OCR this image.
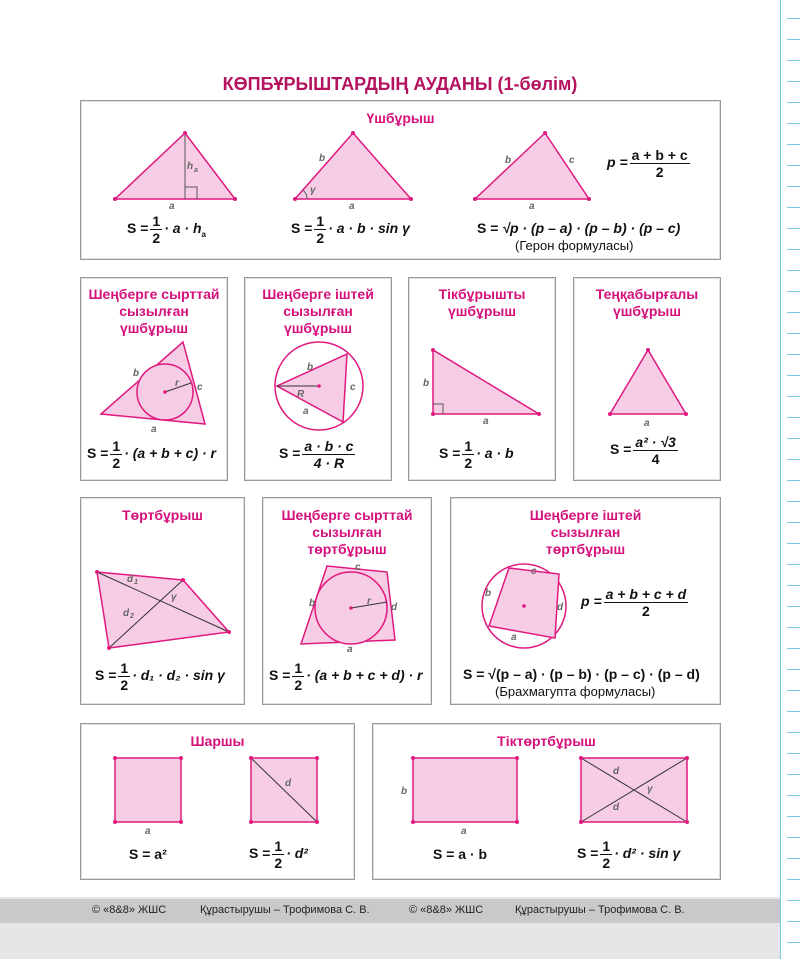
КӨПБҰРЫШТАРДЫҢ АУДАНЫ (1-бөлім)
Үшбұрыш
h a
a
γ
b
a
b	c
a
$p = \frac{a + b + c}{2}$
$S = \frac{1}{2} \cdot a \cdot h_a$	$S = \frac{1}{2} \cdot a \cdot b \cdot \sin \gamma$	S = √p · (p – a) · (p – b) · (p – c)
(Герон формуласы)
Шеңберге сырттай сызылған үшбұрыш
r
b
c
a
$S = \frac{1}{2} \cdot (a + b + c) \cdot r$
Шеңберге іштей сызылған үшбұрыш
R
b
c
a
$S = \frac{a \cdot b \cdot c}{4 \cdot R}$
Тікбұрышты үшбұрыш
b
a
$S = \frac{1}{2} \cdot a \cdot b$
Теңқабырғалы үшбұрыш
a
$S = \frac{\text{a² · √3}}{4}$
Төртбұрыш
d 1
d 2
γ
$S = \frac{1}{2} \cdot d_1 \cdot d_2 \cdot \sin \gamma$
Шеңберге сырттай сызылған төртбұрыш
r
c
b	d
a
$S = \frac{1}{2} \cdot (a + b + c + d) \cdot r$
Шеңберге іштей сызылған төртбұрыш
c
b
d
a
$p = \frac{a + b + c + d}{2}$
S = √(p – a) · (p – b) · (p – c) · (p – d)
(Брахмагупта формуласы)
Шаршы
a
d
S = a²	$S = \frac{1}{2} \cdot d^2$
Тіктөртбұрыш
b
a
d
d
γ
S = a · b	$S = \frac{1}{2} \cdot d^2 \cdot \sin \gamma$
© «8&8» ЖШС	Құрастырушы – Трофимова С. В.	© «8&8» ЖШС	Құрастырушы – Трофимова С. В.
